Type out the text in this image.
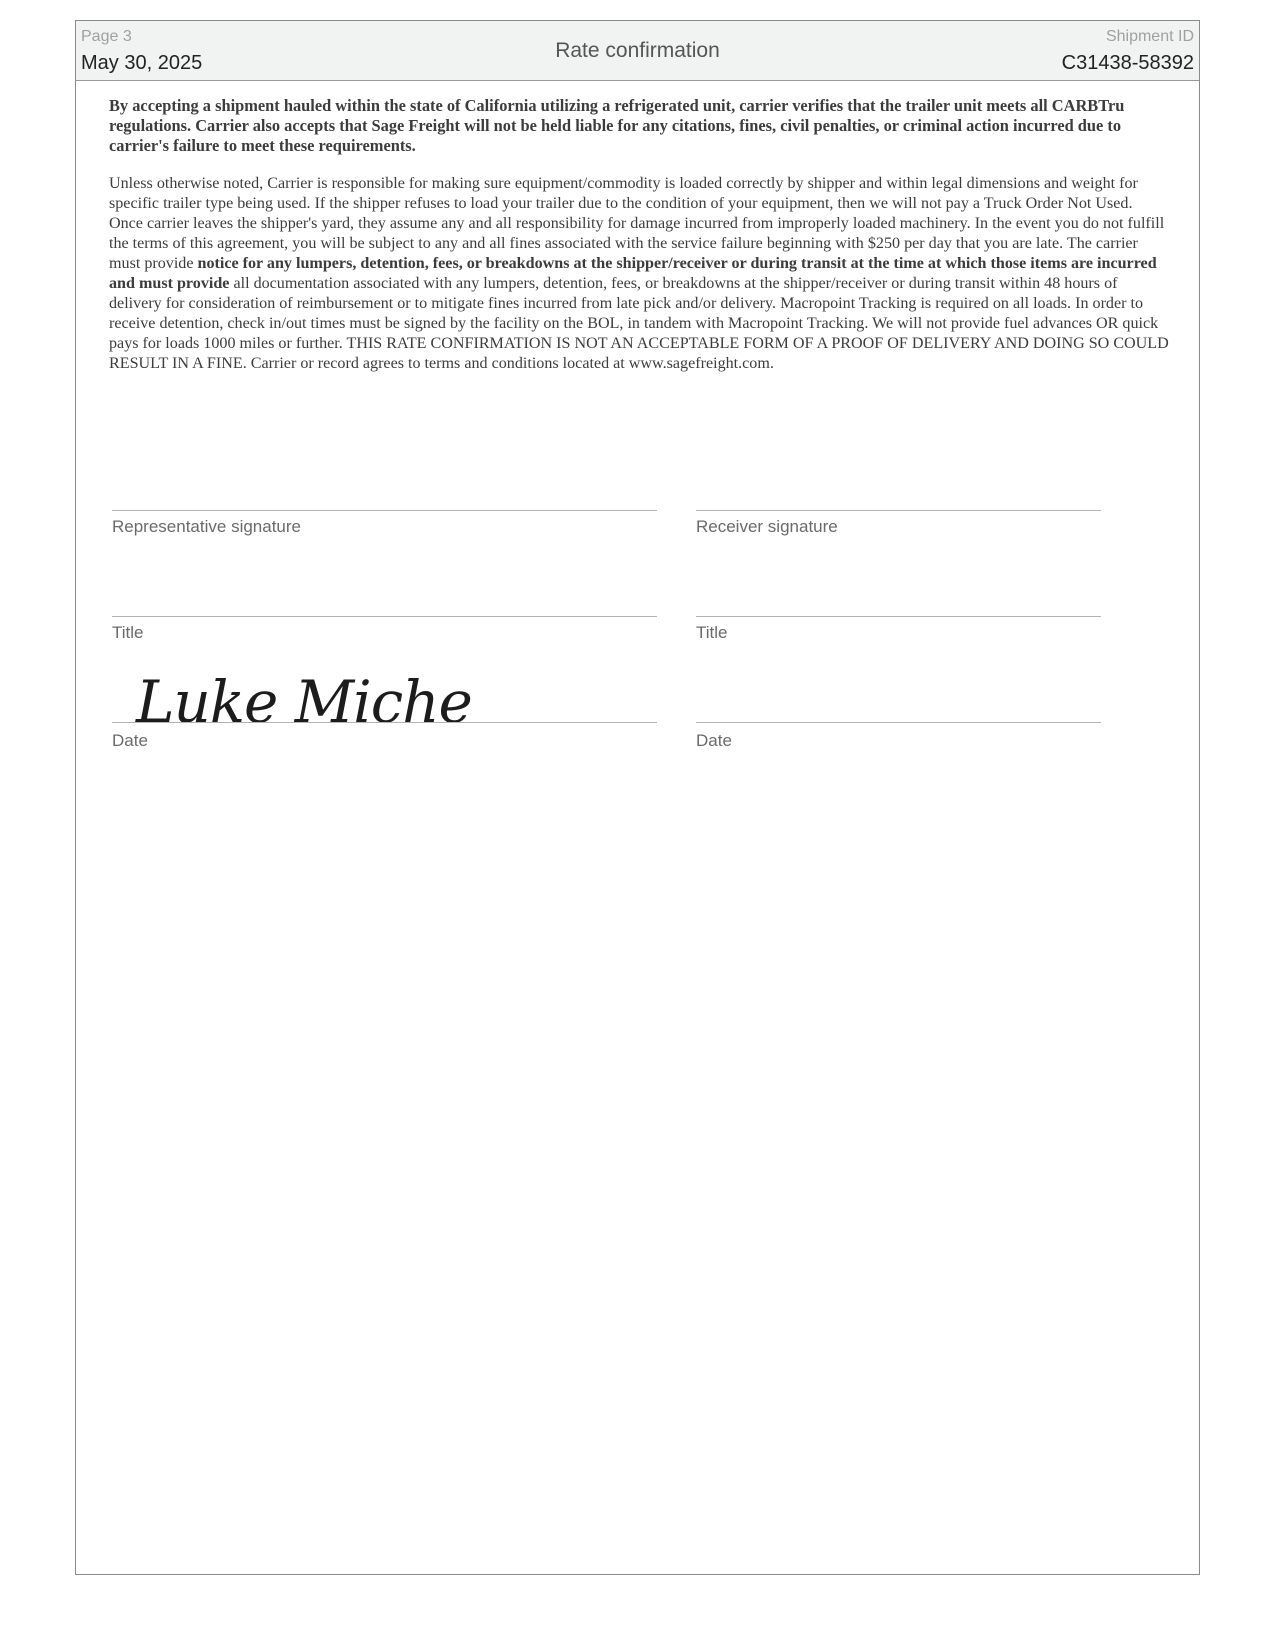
Page 3
May 30, 2025
Rate confirmation
Shipment ID
C31438-58392

By accepting a shipment hauled within the state of California utilizing a refrigerated unit, carrier verifies that the trailer unit meets all CARBTru regulations. Carrier also accepts that Sage Freight will not be held liable for any citations, fines, civil penalties, or criminal action incurred due to carrier's failure to meet these requirements.

Unless otherwise noted, Carrier is responsible for making sure equipment/commodity is loaded correctly by shipper and within legal dimensions and weight for specific trailer type being used. If the shipper refuses to load your trailer due to the condition of your equipment, then we will not pay a Truck Order Not Used. Once carrier leaves the shipper's yard, they assume any and all responsibility for damage incurred from improperly loaded machinery. In the event you do not fulfill the terms of this agreement, you will be subject to any and all fines associated with the service failure beginning with $250 per day that you are late. The carrier must provide notice for any lumpers, detention, fees, or breakdowns at the shipper/receiver or during transit at the time at which those items are incurred and must provide all documentation associated with any lumpers, detention, fees, or breakdowns at the shipper/receiver or during transit within 48 hours of delivery for consideration of reimbursement or to mitigate fines incurred from late pick and/or delivery. Macropoint Tracking is required on all loads. In order to receive detention, check in/out times must be signed by the facility on the BOL, in tandem with Macropoint Tracking. We will not provide fuel advances OR quick pays for loads 1000 miles or further. THIS RATE CONFIRMATION IS NOT AN ACCEPTABLE FORM OF A PROOF OF DELIVERY AND DOING SO COULD RESULT IN A FINE. Carrier or record agrees to terms and conditions located at www.sagefreight.com.

Representative signature
Title
Luke Miche
Date
Receiver signature
Title
Date
